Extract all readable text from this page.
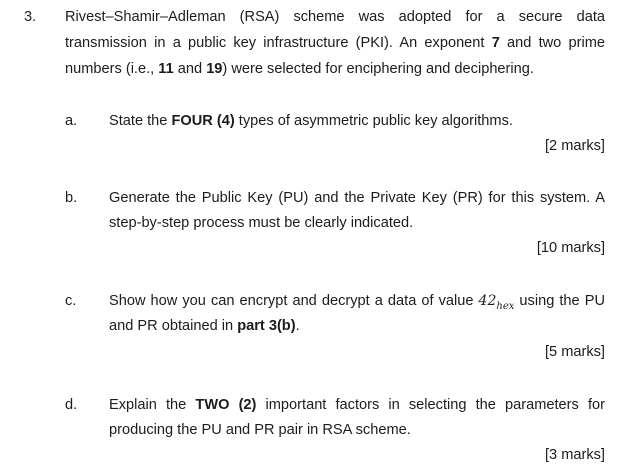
3. Rivest–Shamir–Adleman (RSA) scheme was adopted for a secure data
transmission in a public key infrastructure (PKI). An exponent 7 and two prime
numbers (i.e., 11 and 19) were selected for enciphering and deciphering.
a. State the FOUR (4) types of asymmetric public key algorithms.
[2 marks]
b. Generate the Public Key (PU) and the Private Key (PR) for this system. A
step-by-step process must be clearly indicated.
[10 marks]
c. Show how you can encrypt and decrypt a data of value $42_{hex}$ using the PU
and PR obtained in part 3(b).
[5 marks]
d. Explain the TWO (2) important factors in selecting the parameters for
producing the PU and PR pair in RSA scheme.
[3 marks]
